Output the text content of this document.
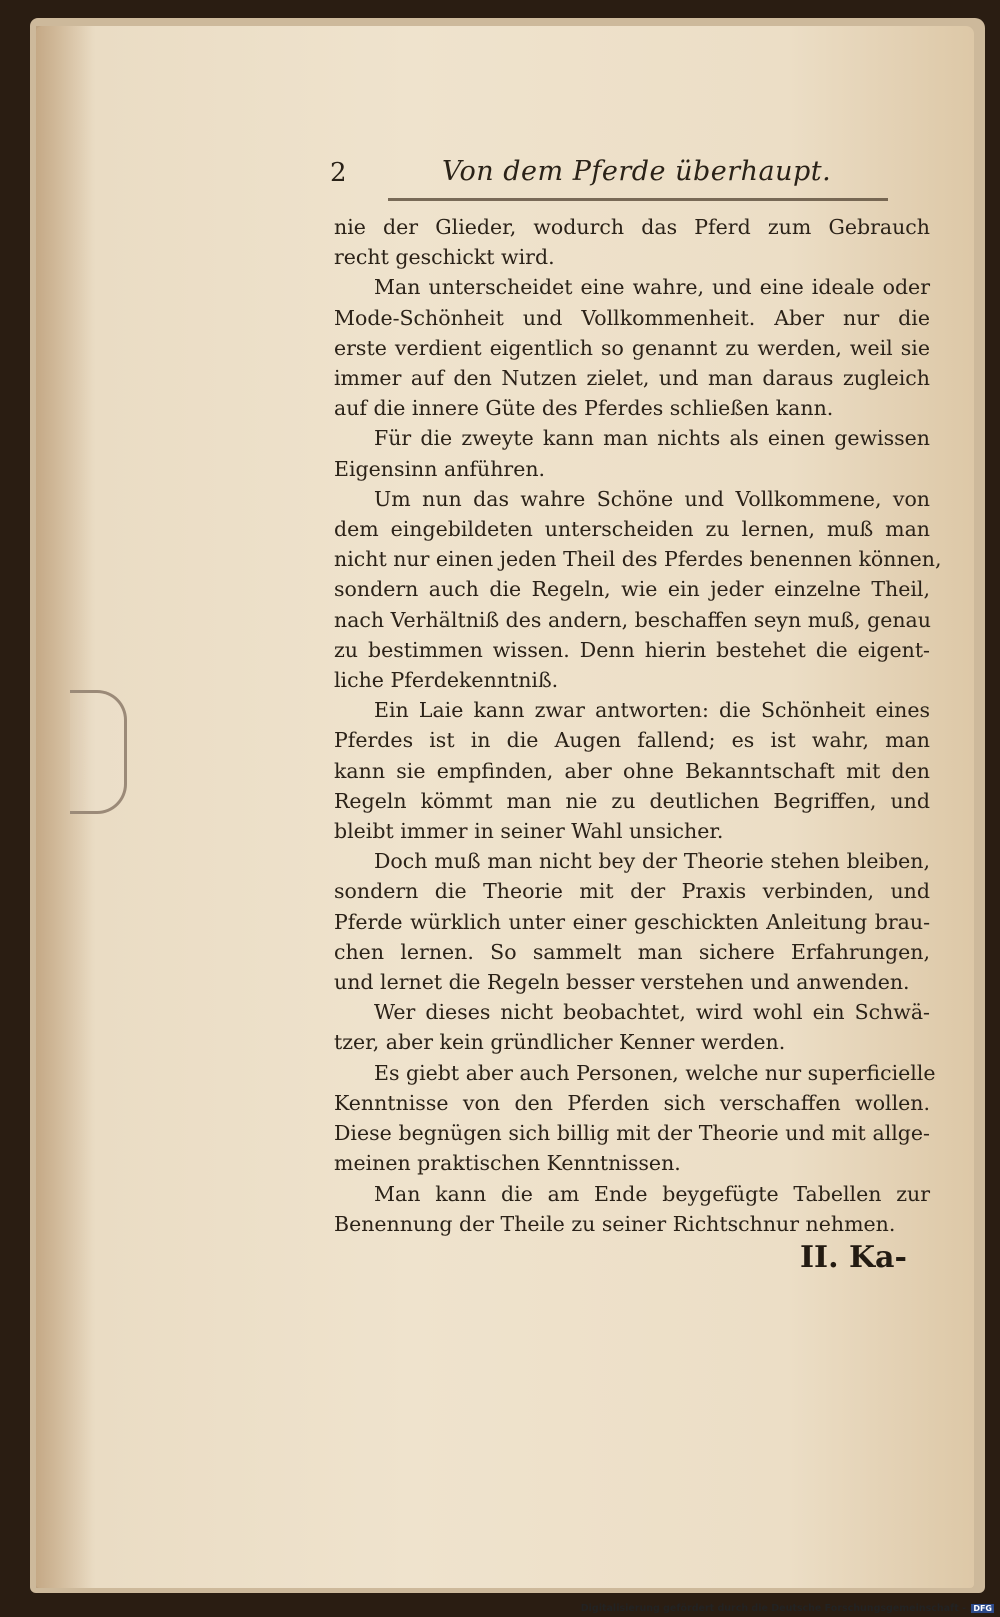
2	Von dem Pferde überhaupt.
nie der Glieder, wodurch das Pferd zum Gebrauch
recht geschickt wird.
Man unterscheidet eine wahre, und eine ideale oder
Mode-Schönheit und Vollkommenheit. Aber nur die
erste verdient eigentlich so genannt zu werden, weil sie
immer auf den Nutzen zielet, und man daraus zugleich
auf die innere Güte des Pferdes schließen kann.
Für die zweyte kann man nichts als einen gewissen
Eigensinn anführen.
Um nun das wahre Schöne und Vollkommene, von
dem eingebildeten unterscheiden zu lernen, muß man
nicht nur einen jeden Theil des Pferdes benennen können,
sondern auch die Regeln, wie ein jeder einzelne Theil,
nach Verhältniß des andern, beschaffen seyn muß, genau
zu bestimmen wissen. Denn hierin bestehet die eigent-
liche Pferdekenntniß.
Ein Laie kann zwar antworten: die Schönheit eines
Pferdes ist in die Augen fallend; es ist wahr, man
kann sie empfinden, aber ohne Bekanntschaft mit den
Regeln kömmt man nie zu deutlichen Begriffen, und
bleibt immer in seiner Wahl unsicher.
Doch muß man nicht bey der Theorie stehen bleiben,
sondern die Theorie mit der Praxis verbinden, und
Pferde würklich unter einer geschickten Anleitung brau-
chen lernen. So sammelt man sichere Erfahrungen,
und lernet die Regeln besser verstehen und anwenden.
Wer dieses nicht beobachtet, wird wohl ein Schwä-
tzer, aber kein gründlicher Kenner werden.
Es giebt aber auch Personen, welche nur superficielle
Kenntnisse von den Pferden sich verschaffen wollen.
Diese begnügen sich billig mit der Theorie und mit allge-
meinen praktischen Kenntnissen.
Man kann die am Ende beygefügte Tabellen zur
Benennung der Theile zu seiner Richtschnur nehmen.
II. Ka-
Digitalisierung gefördert durch die Deutsche Forschungsgemeinschaft - DFG
